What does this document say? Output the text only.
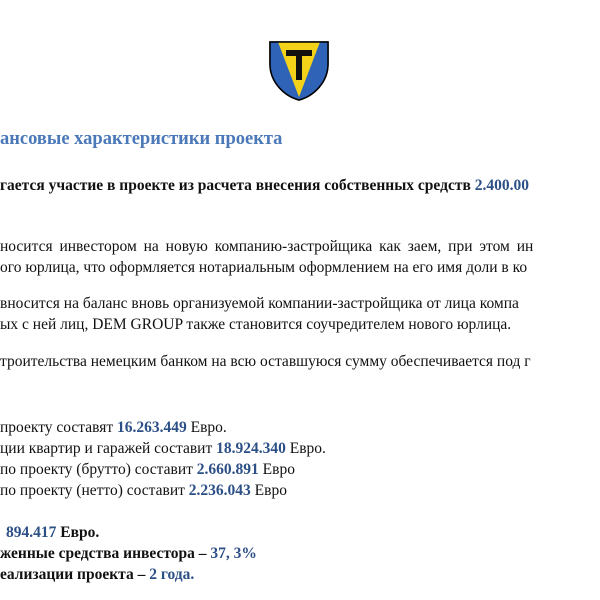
ансовые характеристики проекта
гается участие в проекте из расчета внесения собственных средств 2.400.00
носится инвестором на новую компанию-застройщика как заем, при этом ин
ого юрлица, что оформляется нотариальным оформлением на его имя доли в ко
вносится на баланс вновь организуемой компании-застройщика от лица компа
ых с ней лиц, DEM GROUP также становится соучредителем нового юрлица.
троительства немецким банком на всю оставшуюся сумму обеспечивается под г
проекту составят 16.263.449 Евро.
ции квартир и гаражей составит 18.924.340 Евро.
по проекту (брутто) составит 2.660.891 Евро
по проекту (нетто) составит 2.236.043 Евро
894.417 Евро.
женные средства инвестора – 37, 3%
еализации проекта – 2 года.
